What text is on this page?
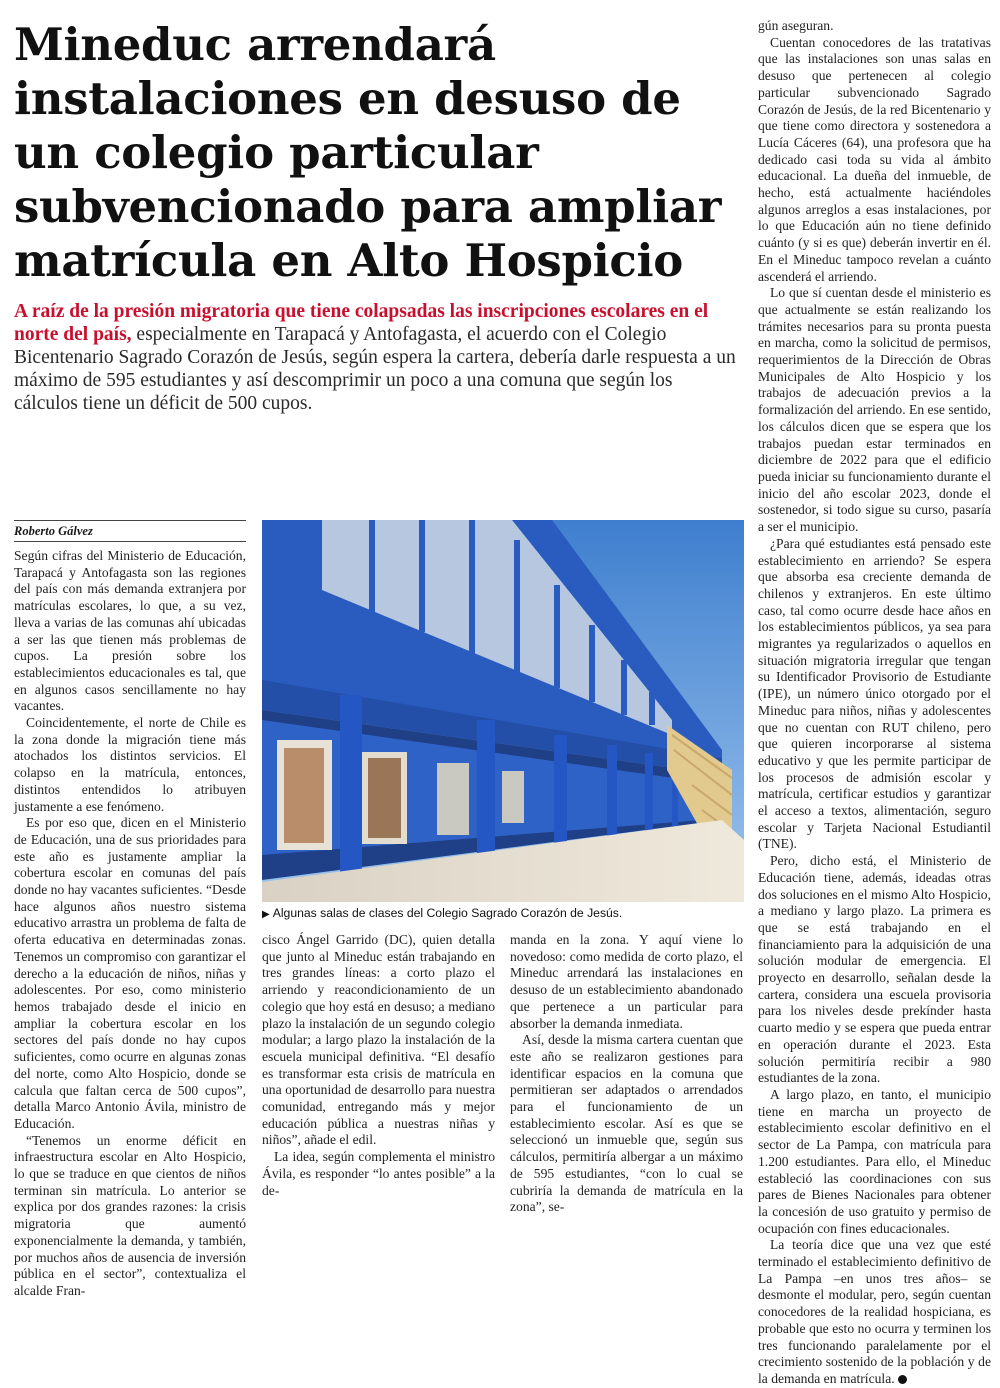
Mineduc arrendará instalaciones en desuso de un colegio particular subvencionado para ampliar matrícula en Alto Hospicio
A raíz de la presión migratoria que tiene colapsadas las inscripciones escolares en el norte del país, especialmente en Tarapacá y Antofagasta, el acuerdo con el Colegio Bicentenario Sagrado Corazón de Jesús, según espera la cartera, debería darle respuesta a un máximo de 595 estudiantes y así descomprimir un poco a una comuna que según los cálculos tiene un déficit de 500 cupos.
Roberto Gálvez

Según cifras del Ministerio de Educación, Tarapacá y Antofagasta son las regiones del país con más demanda extranjera por matrículas escolares, lo que, a su vez, lleva a varias de las comunas ahí ubicadas a ser las que tienen más problemas de cupos. La presión sobre los establecimientos educacionales es tal, que en algunos casos sencillamente no hay vacantes.

Coincidentemente, el norte de Chile es la zona donde la migración tiene más atochados los distintos servicios. El colapso en la matrícula, entonces, distintos entendidos lo atribuyen justamente a ese fenómeno.

Es por eso que, dicen en el Ministerio de Educación, una de sus prioridades para este año es justamente ampliar la cobertura escolar en comunas del país donde no hay vacantes suficientes. “Desde hace algunos años nuestro sistema educativo arrastra un problema de falta de oferta educativa en determinadas zonas. Tenemos un compromiso con garantizar el derecho a la educación de niños, niñas y adolescentes. Por eso, como ministerio hemos trabajado desde el inicio en ampliar la cobertura escolar en los sectores del país donde no hay cupos suficientes, como ocurre en algunas zonas del norte, como Alto Hospicio, donde se calcula que faltan cerca de 500 cupos”, detalla Marco Antonio Ávila, ministro de Educación.

“Tenemos un enorme déficit en infraestructura escolar en Alto Hospicio, lo que se traduce en que cientos de niños terminan sin matrícula. Lo anterior se explica por dos grandes razones: la crisis migratoria que aumentó exponencialmente la demanda, y también, por muchos años de ausencia de inversión pública en el sector”, contextualiza el alcalde Fran-

▶ Algunas salas de clases del Colegio Sagrado Corazón de Jesús.

cisco Ángel Garrido (DC), quien detalla que junto al Mineduc están trabajando en tres grandes líneas: a corto plazo el arriendo y reacondicionamiento de un colegio que hoy está en desuso; a mediano plazo la instalación de un segundo colegio modular; a largo plazo la instalación de la escuela municipal definitiva. “El desafío es transformar esta crisis de matrícula en una oportunidad de desarrollo para nuestra comunidad, entregando más y mejor educación pública a nuestras niñas y niños”, añade el edil.

La idea, según complementa el ministro Ávila, es responder “lo antes posible” a la de-

manda en la zona. Y aquí viene lo novedoso: como medida de corto plazo, el Mineduc arrendará las instalaciones en desuso de un establecimiento abandonado que pertenece a un particular para absorber la demanda inmediata.

Así, desde la misma cartera cuentan que este año se realizaron gestiones para identificar espacios en la comuna que permitieran ser adaptados o arrendados para el funcionamiento de un establecimiento escolar. Así es que se seleccionó un inmueble que, según sus cálculos, permitiría albergar a un máximo de 595 estudiantes, “con lo cual se cubriría la demanda de matrícula en la zona”, se-

gún aseguran.

Cuentan conocedores de las tratativas que las instalaciones son unas salas en desuso que pertenecen al colegio particular subvencionado Sagrado Corazón de Jesús, de la red Bicentenario y que tiene como directora y sostenedora a Lucía Cáceres (64), una profesora que ha dedicado casi toda su vida al ámbito educacional. La dueña del inmueble, de hecho, está actualmente haciéndoles algunos arreglos a esas instalaciones, por lo que Educación aún no tiene definido cuánto (y si es que) deberán invertir en él. En el Mineduc tampoco revelan a cuánto ascenderá el arriendo.

Lo que sí cuentan desde el ministerio es que actualmente se están realizando los trámites necesarios para su pronta puesta en marcha, como la solicitud de permisos, requerimientos de la Dirección de Obras Municipales de Alto Hospicio y los trabajos de adecuación previos a la formalización del arriendo. En ese sentido, los cálculos dicen que se espera que los trabajos puedan estar terminados en diciembre de 2022 para que el edificio pueda iniciar su funcionamiento durante el inicio del año escolar 2023, donde el sostenedor, si todo sigue su curso, pasaría a ser el municipio.

¿Para qué estudiantes está pensado este establecimiento en arriendo? Se espera que absorba esa creciente demanda de chilenos y extranjeros. En este último caso, tal como ocurre desde hace años en los establecimientos públicos, ya sea para migrantes ya regularizados o aquellos en situación migratoria irregular que tengan su Identificador Provisorio de Estudiante (IPE), un número único otorgado por el Mineduc para niños, niñas y adolescentes que no cuentan con RUT chileno, pero que quieren incorporarse al sistema educativo y que les permite participar de los procesos de admisión escolar y matrícula, certificar estudios y garantizar el acceso a textos, alimentación, seguro escolar y Tarjeta Nacional Estudiantil (TNE).

Pero, dicho está, el Ministerio de Educación tiene, además, ideadas otras dos soluciones en el mismo Alto Hospicio, a mediano y largo plazo. La primera es que se está trabajando en el financiamiento para la adquisición de una solución modular de emergencia. El proyecto en desarrollo, señalan desde la cartera, considera una escuela provisoria para los niveles desde prekínder hasta cuarto medio y se espera que pueda entrar en operación durante el 2023. Esta solución permitiría recibir a 980 estudiantes de la zona.

A largo plazo, en tanto, el municipio tiene en marcha un proyecto de establecimiento escolar definitivo en el sector de La Pampa, con matrícula para 1.200 estudiantes. Para ello, el Mineduc estableció las coordinaciones con sus pares de Bienes Nacionales para obtener la concesión de uso gratuito y permiso de ocupación con fines educacionales.

La teoría dice que una vez que esté terminado el establecimiento definitivo de La Pampa –en unos tres años– se desmonte el modular, pero, según cuentan conocedores de la realidad hospiciana, es probable que esto no ocurra y terminen los tres funcionando paralelamente por el crecimiento sostenido de la población y de la demanda en matrícula.
